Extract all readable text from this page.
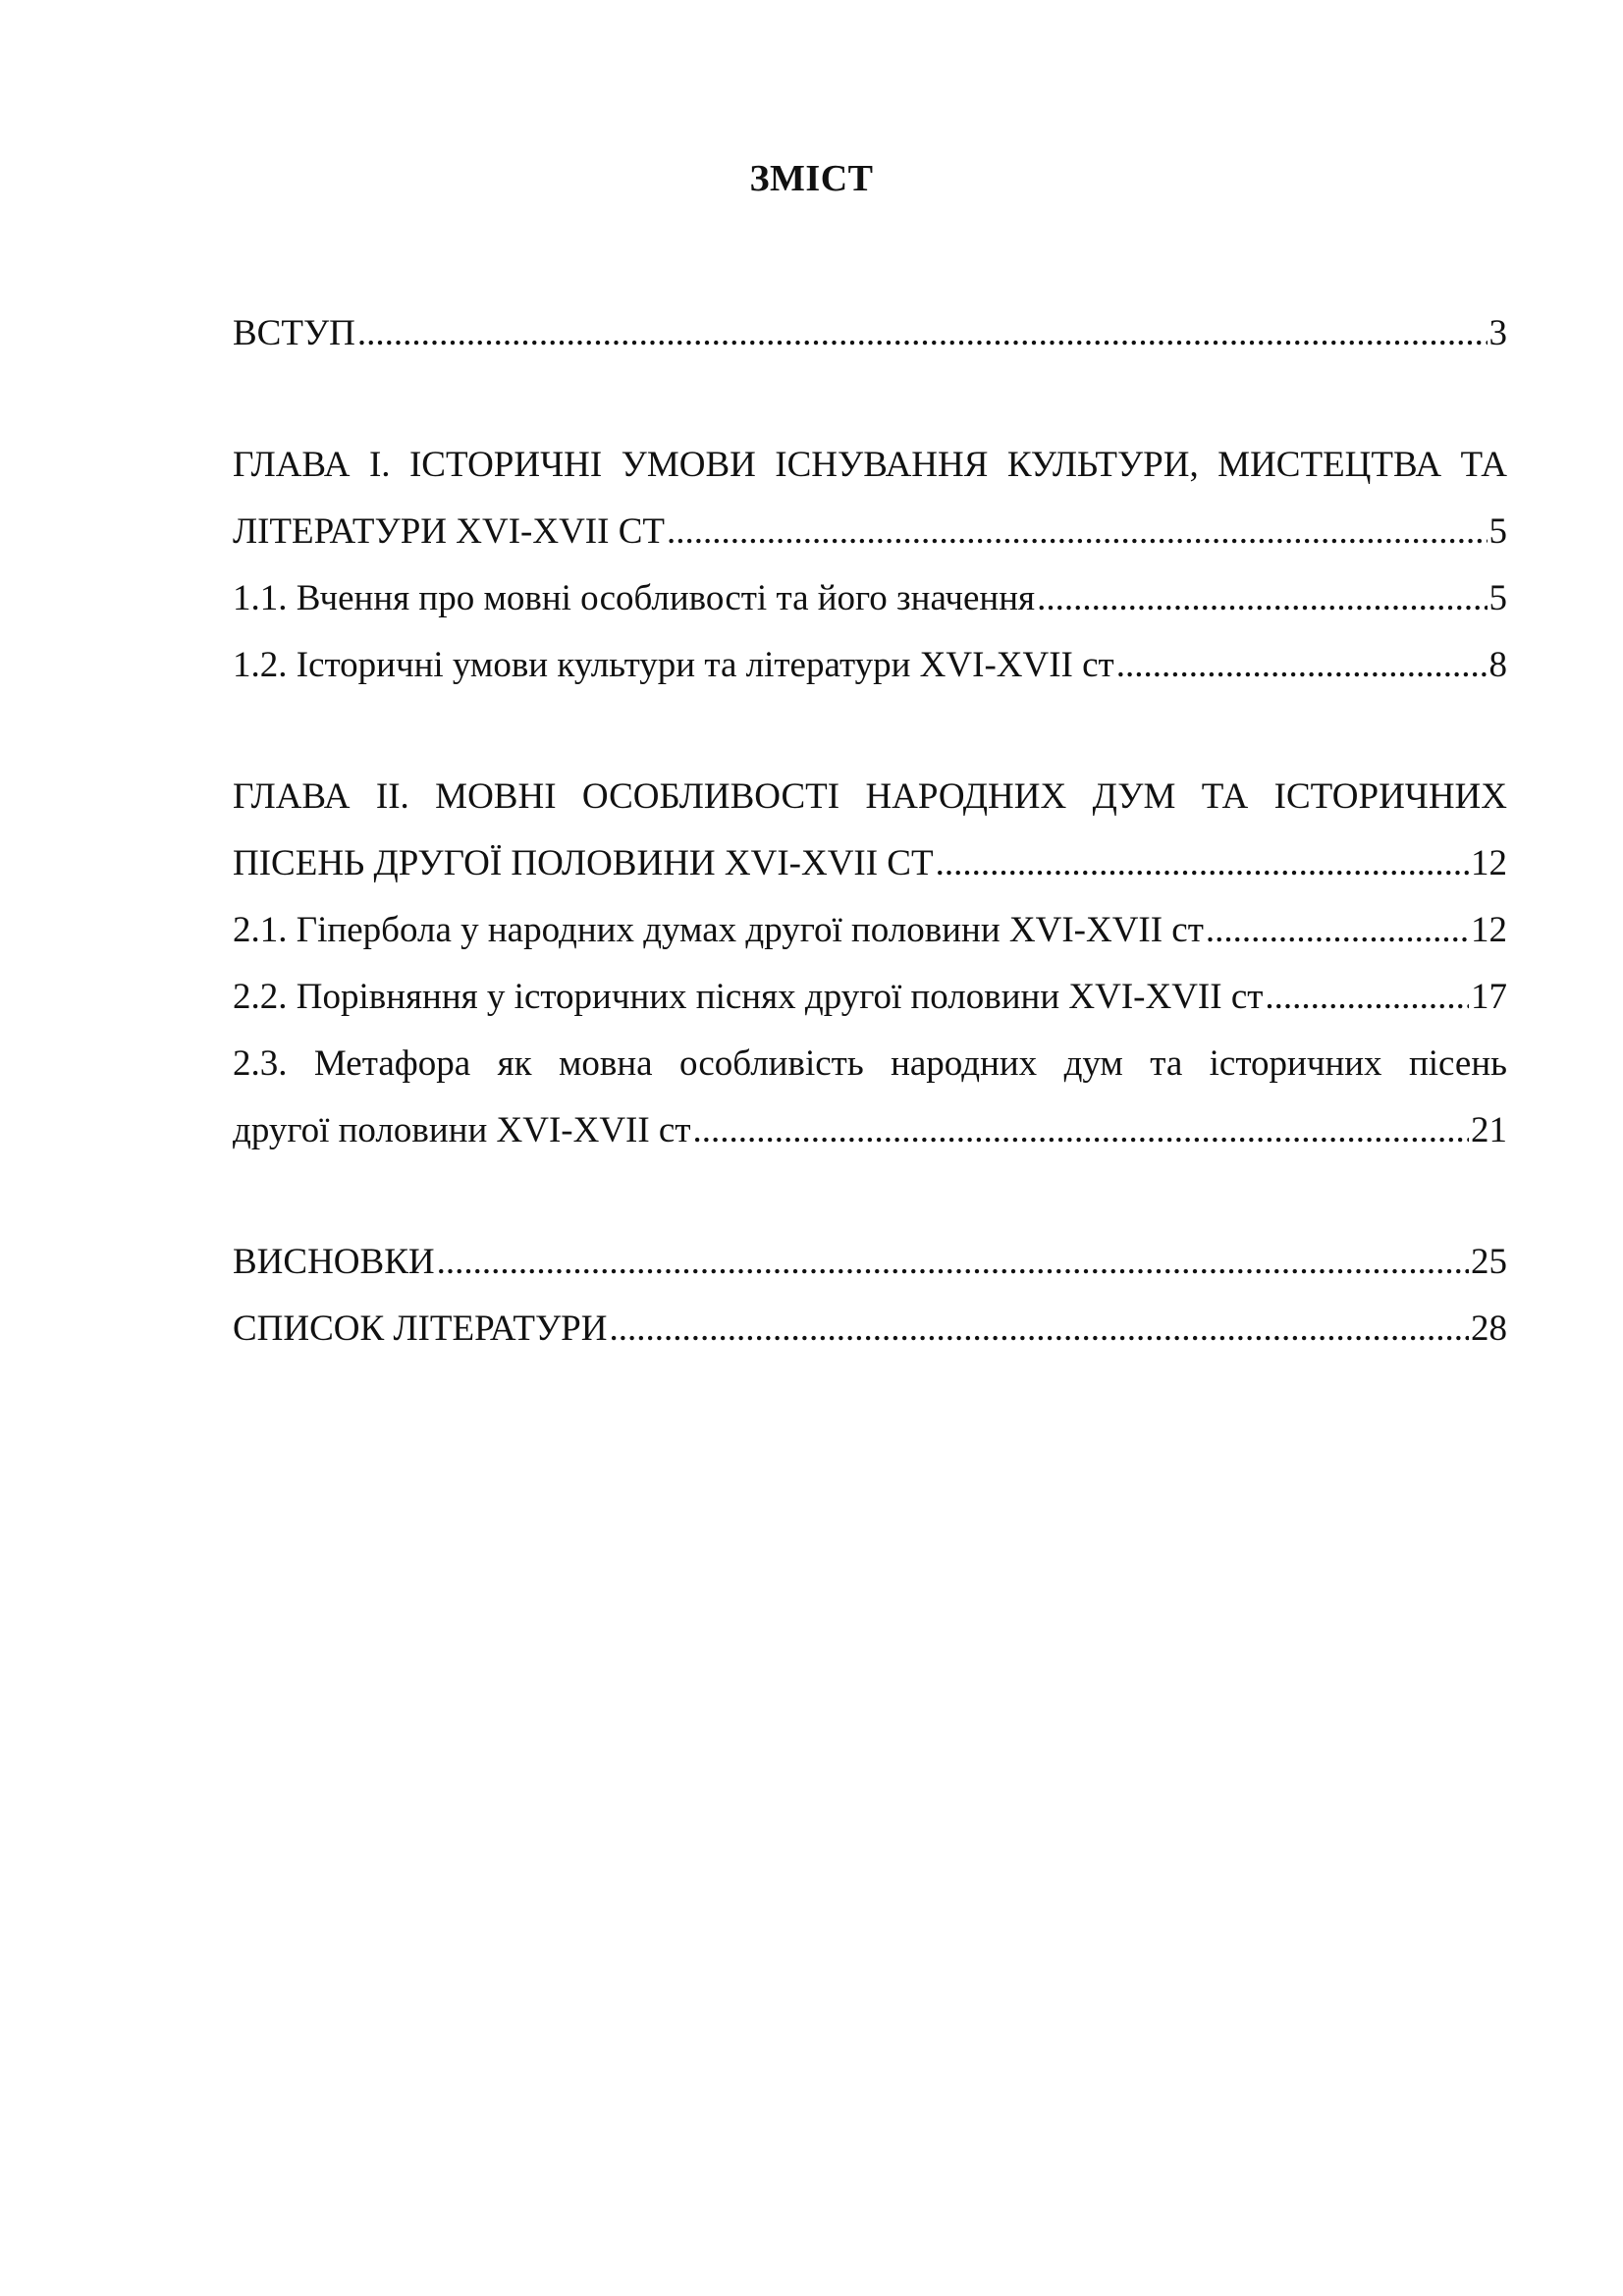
ЗМІСТ
ВСТУП .....	3
ГЛАВА І. ІСТОРИЧНІ УМОВИ ІСНУВАННЯ КУЛЬТУРИ, МИСТЕЦТВА ТА
ЛІТЕРАТУРИ XVI-XVII СТ .....	5
1.1. Вчення про мовні особливості та його значення .....	5
1.2. Історичні умови культури та літератури XVI-XVII ст .....	8
ГЛАВА ІІ. МОВНІ ОСОБЛИВОСТІ НАРОДНИХ ДУМ ТА ІСТОРИЧНИХ
ПІСЕНЬ ДРУГОЇ ПОЛОВИНИ XVI-XVII СТ .....	12
2.1. Гіпербола у народних думах другої половини XVI-XVII ст .....	12
2.2. Порівняння у історичних піснях другої половини XVI-XVII ст .....	17
2.3. Метафора як мовна особливість народних дум та історичних пісень
другої половини XVI-XVII ст .....	21
ВИСНОВКИ .....	25
СПИСОК ЛІТЕРАТУРИ .....	28
